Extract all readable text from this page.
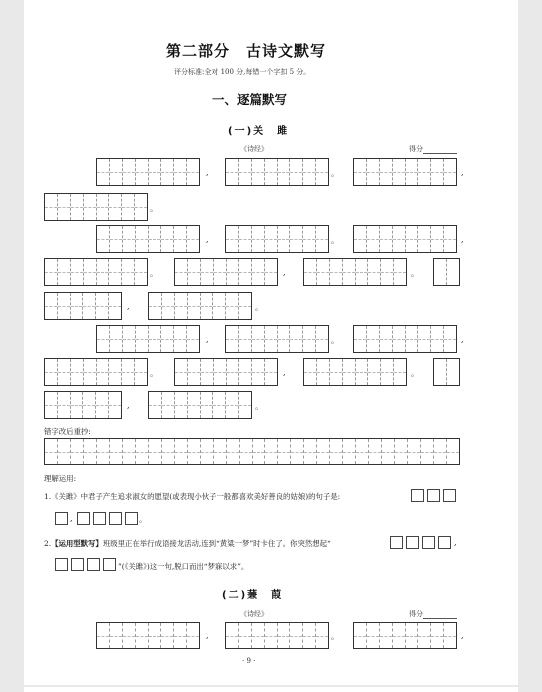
第二部分　古诗文默写
评分标准:全对 100 分,每错一个字扣 5 分。
一、逐篇默写
(一)关　雎
《诗经》	得分
,	。	,
。
,	。	,
。	,	。
,	。
,	。	,
。	,	。
,	。
错字改后重抄:
理解运用:
1.《关雎》中君子产生追求淑女的愿望(或表现小伙子一般都喜欢美好善良的姑娘)的句子是:
,	。
2.【运用型默写】班级里正在举行成语接龙活动,连到“黄粱一梦”时卡住了。你突然想起“	,
”(《关雎》)这一句,脱口而出“梦寐以求”。
(二)蒹　葭
《诗经》	得分
,	。	,
· 9 ·
